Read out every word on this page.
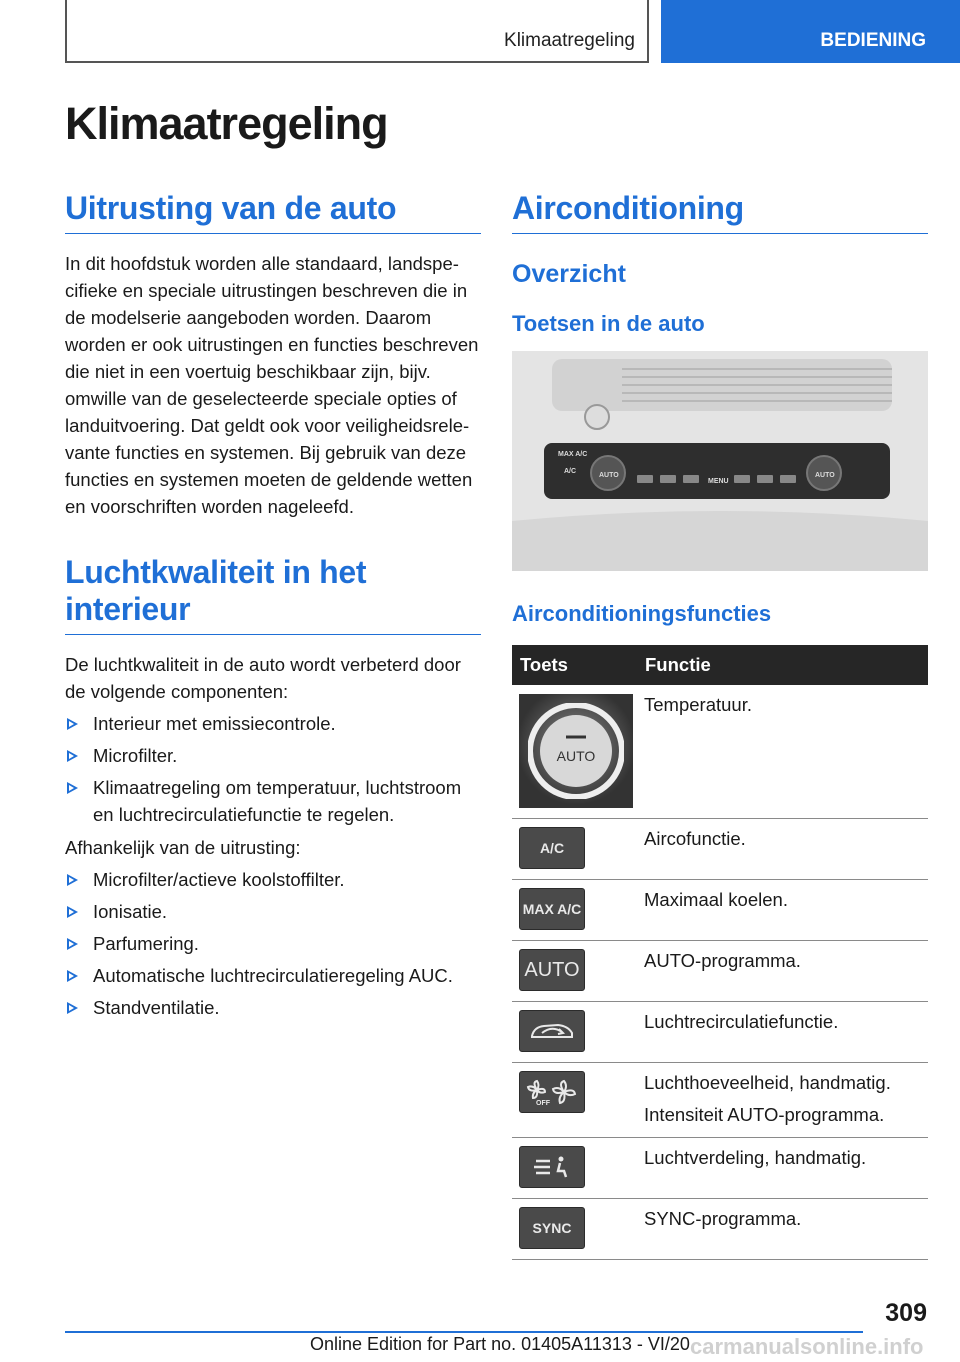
Klimaatregeling	BEDIENING
Klimaatregeling
Uitrusting van de auto

In dit hoofdstuk worden alle standaard, landspecifieke en speciale uitrustingen beschreven die in de modelserie aangeboden worden. Daarom worden er ook uitrustingen en functies beschreven die niet in een voertuig beschikbaar zijn, bijv. omwille van de geselecteerde speciale opties of landuitvoering. Dat geldt ook voor veiligheidsrelevante functies en systemen. Bij gebruik van deze functies en systemen moeten de geldende wetten en voorschriften worden nageleefd.

Luchtkwaliteit in het interieur

De luchtkwaliteit in de auto wordt verbeterd door de volgende componenten:

Interieur met emissiecontrole.
Microfilter.
Klimaatregeling om temperatuur, luchtstroom en luchtrecirculatiefunctie te regelen.

Afhankelijk van de uitrusting:

Microfilter/actieve koolstoffilter.
Ionisatie.
Parfumering.
Automatische luchtrecirculatieregeling AUC.
Standventilatie.
Airconditioning
Overzicht
Toetsen in de auto
MAX A/C
A/C
AUTO
MENU
AUTO
Airconditioningsfuncties
Toets	Functie

AUTO	Temperatuur.

A/C	Aircofunctie.

MAX A/C	Maximaal koelen.

AUTO	AUTO-programma.

	Luchtrecirculatiefunctie.

OFF	Luchthoeveelheid, handmatig.
Intensiteit AUTO-programma.

	Luchtverdeling, handmatig.

SYNC	SYNC-programma.
309
Online Edition for Part no. 01405A11313 - VI/20 carmanualsonline.info
